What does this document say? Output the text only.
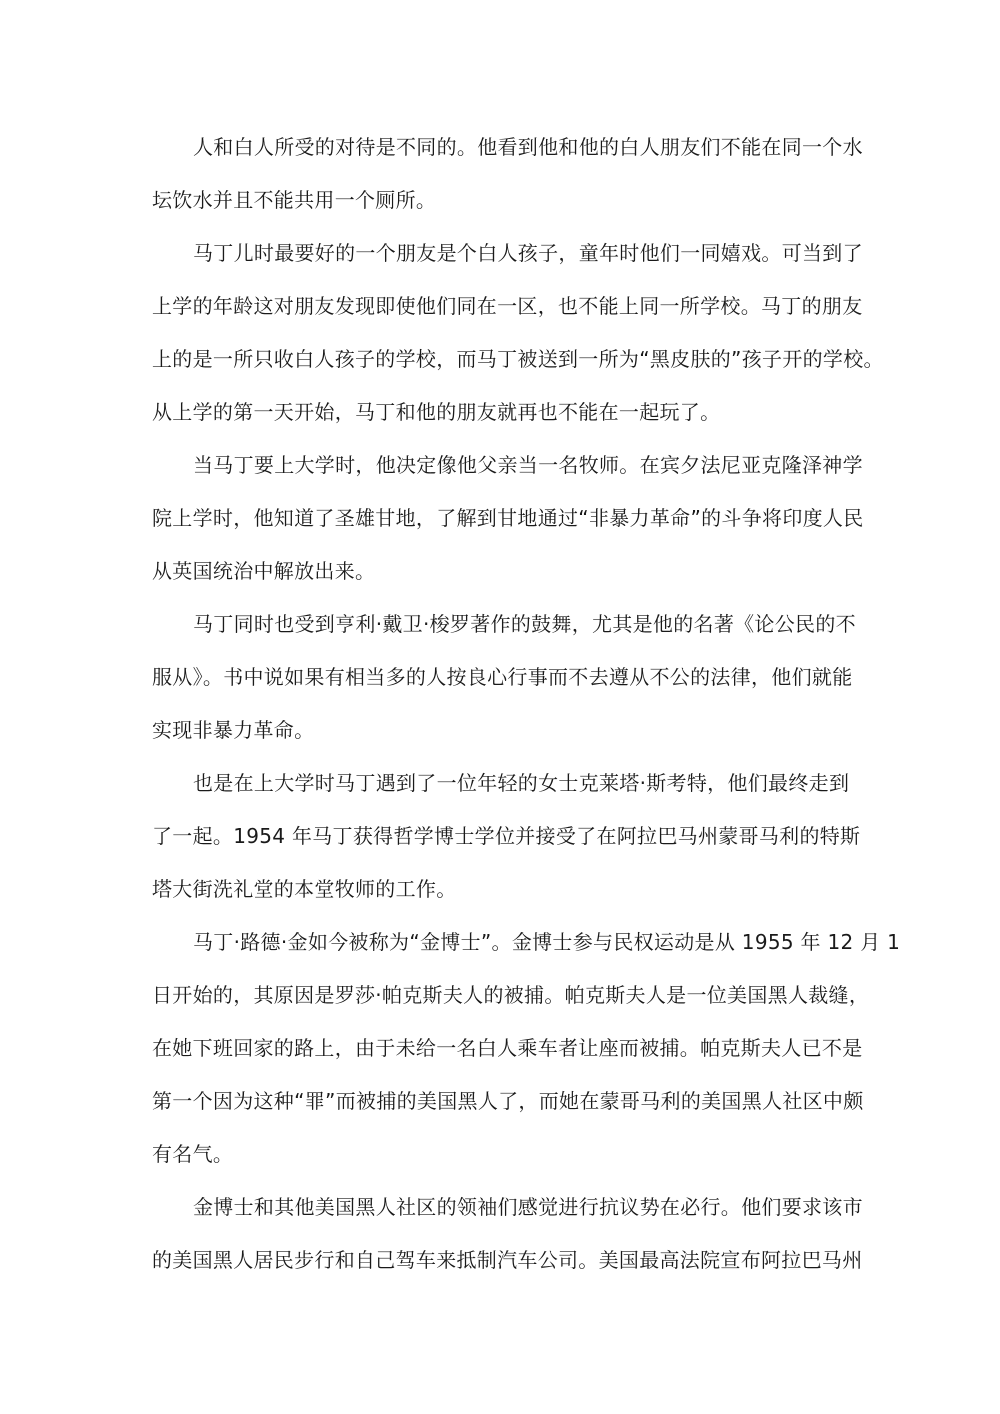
人和白人所受的对待是不同的。他看到他和他的白人朋友们不能在同一个水
坛饮水并且不能共用一个厕所。
马丁儿时最要好的一个朋友是个白人孩子，童年时他们一同嬉戏。可当到了
上学的年龄这对朋友发现即使他们同在一区，也不能上同一所学校。马丁的朋友
上的是一所只收白人孩子的学校，而马丁被送到一所为“黑皮肤的”孩子开的学校。
从上学的第一天开始，马丁和他的朋友就再也不能在一起玩了。
当马丁要上大学时，他决定像他父亲当一名牧师。在宾夕法尼亚克隆泽神学
院上学时，他知道了圣雄甘地，了解到甘地通过“非暴力革命”的斗争将印度人民
从英国统治中解放出来。
马丁同时也受到亨利·戴卫·梭罗著作的鼓舞，尤其是他的名著《论公民的不
服从》。书中说如果有相当多的人按良心行事而不去遵从不公的法律，他们就能
实现非暴力革命。
也是在上大学时马丁遇到了一位年轻的女士克莱塔·斯考特，他们最终走到
了一起。1954 年马丁获得哲学博士学位并接受了在阿拉巴马州蒙哥马利的特斯
塔大街洗礼堂的本堂牧师的工作。
马丁·路德·金如今被称为“金博士”。金博士参与民权运动是从 1955 年 12 月 1
日开始的，其原因是罗莎·帕克斯夫人的被捕。帕克斯夫人是一位美国黑人裁缝，
在她下班回家的路上，由于未给一名白人乘车者让座而被捕。帕克斯夫人已不是
第一个因为这种“罪”而被捕的美国黑人了，而她在蒙哥马利的美国黑人社区中颇
有名气。
金博士和其他美国黑人社区的领袖们感觉进行抗议势在必行。他们要求该市
的美国黑人居民步行和自己驾车来抵制汽车公司。美国最高法院宣布阿拉巴马州
